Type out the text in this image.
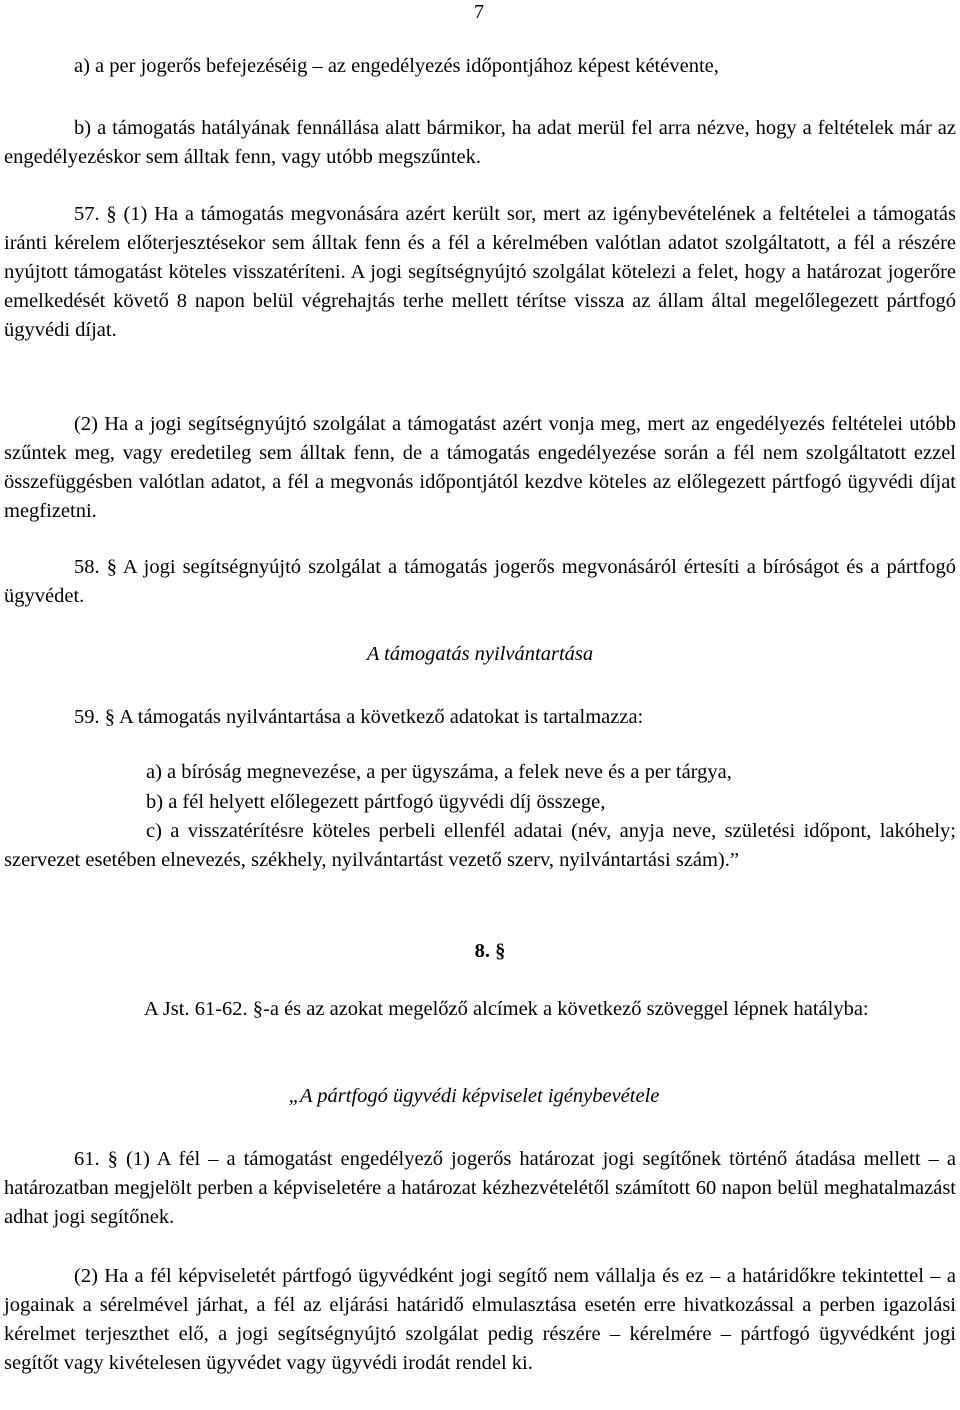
7

a) a per jogerős befejezéséig – az engedélyezés időpontjához képest kétévente,

b) a támogatás hatályának fennállása alatt bármikor, ha adat merül fel arra nézve, hogy a feltételek már az engedélyezéskor sem álltak fenn, vagy utóbb megszűntek.

57. § (1) Ha a támogatás megvonására azért került sor, mert az igénybevételének a feltételei a támogatás iránti kérelem előterjesztésekor sem álltak fenn és a fél a kérelmében valótlan adatot szolgáltatott, a fél a részére nyújtott támogatást köteles visszatéríteni. A jogi segítségnyújtó szolgálat kötelezi a felet, hogy a határozat jogerőre emelkedését követő 8 napon belül végrehajtás terhe mellett térítse vissza az állam által megelőlegezett pártfogó ügyvédi díjat.

(2) Ha a jogi segítségnyújtó szolgálat a támogatást azért vonja meg, mert az engedélyezés feltételei utóbb szűntek meg, vagy eredetileg sem álltak fenn, de a támogatás engedélyezése során a fél nem szolgáltatott ezzel összefüggésben valótlan adatot, a fél a megvonás időpontjától kezdve köteles az előlegezett pártfogó ügyvédi díjat megfizetni.

58. § A jogi segítségnyújtó szolgálat a támogatás jogerős megvonásáról értesíti a bíróságot és a pártfogó ügyvédet.

A támogatás nyilvántartása

59. § A támogatás nyilvántartása a következő adatokat is tartalmazza:

a) a bíróság megnevezése, a per ügyszáma, a felek neve és a per tárgya,

b) a fél helyett előlegezett pártfogó ügyvédi díj összege,

c) a visszatérítésre köteles perbeli ellenfél adatai (név, anyja neve, születési időpont, lakóhely; szervezet esetében elnevezés, székhely, nyilvántartást vezető szerv, nyilvántartási szám).”

8. §

A Jst. 61-62. §-a és az azokat megelőző alcímek a következő szöveggel lépnek hatályba:

„A pártfogó ügyvédi képviselet igénybevétele

61. § (1) A fél – a támogatást engedélyező jogerős határozat jogi segítőnek történő átadása mellett – a határozatban megjelölt perben a képviseletére a határozat kézhezvételétől számított 60 napon belül meghatalmazást adhat jogi segítőnek.

(2) Ha a fél képviseletét pártfogó ügyvédként jogi segítő nem vállalja és ez – a határidőkre tekintettel – a jogainak a sérelmével járhat, a fél az eljárási határidő elmulasztása esetén erre hivatkozással a perben igazolási kérelmet terjeszthet elő, a jogi segítségnyújtó szolgálat pedig részére – kérelmére – pártfogó ügyvédként jogi segítőt vagy kivételesen ügyvédet vagy ügyvédi irodát rendel ki.
